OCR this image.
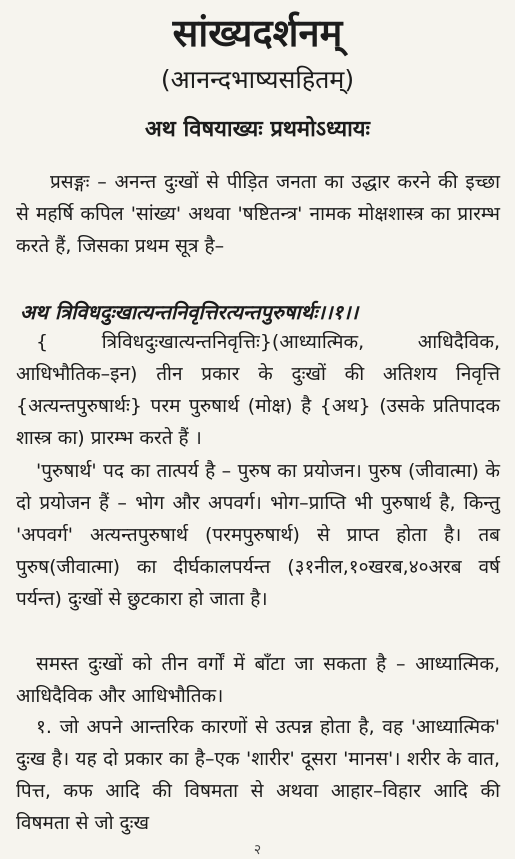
सांख्यदर्शनम्
(आनन्दभाष्यसहितम्)
अथ विषयाख्यः प्रथमोऽध्यायः
प्रसङ्गः – अनन्त दुःखों से पीड़ित जनता का उद्धार करने की इच्छा से महर्षि कपिल 'सांख्य' अथवा 'षष्टितन्त्र' नामक मोक्षशास्त्र का प्रारम्भ करते हैं, जिसका प्रथम सूत्र है–
अथ त्रिविधदुःखात्यन्तनिवृत्तिरत्यन्तपुरुषार्थः।।१।।
{ त्रिविधदुःखात्यन्तनिवृत्तिः}(आध्यात्मिक, आधिदैविक, आधिभौतिक–इन) तीन प्रकार के दुःखों की अतिशय निवृत्ति {अत्यन्तपुरुषार्थः} परम पुरुषार्थ (मोक्ष) है {अथ} (उसके प्रतिपादक शास्त्र का) प्रारम्भ करते हैं ।
'पुरुषार्थ' पद का तात्पर्य है – पुरुष का प्रयोजन। पुरुष (जीवात्मा) के दो प्रयोजन हैं – भोग और अपवर्ग। भोग–प्राप्ति भी पुरुषार्थ है, किन्तु 'अपवर्ग' अत्यन्तपुरुषार्थ (परमपुरुषार्थ) से प्राप्त होता है। तब पुरुष(जीवात्मा) का दीर्घकालपर्यन्त (३१नील,१०खरब,४०अरब वर्ष पर्यन्त) दुःखों से छुटकारा हो जाता है।
समस्त दुःखों को तीन वर्गों में बाँटा जा सकता है – आध्यात्मिक, आधिदैविक और आधिभौतिक।
१. जो अपने आन्तरिक कारणों से उत्पन्न होता है, वह 'आध्यात्मिक' दुःख है। यह दो प्रकार का है–एक 'शारीर' दूसरा 'मानस'। शरीर के वात, पित्त, कफ आदि की विषमता से अथवा आहार–विहार आदि की विषमता से जो दुःख
२
